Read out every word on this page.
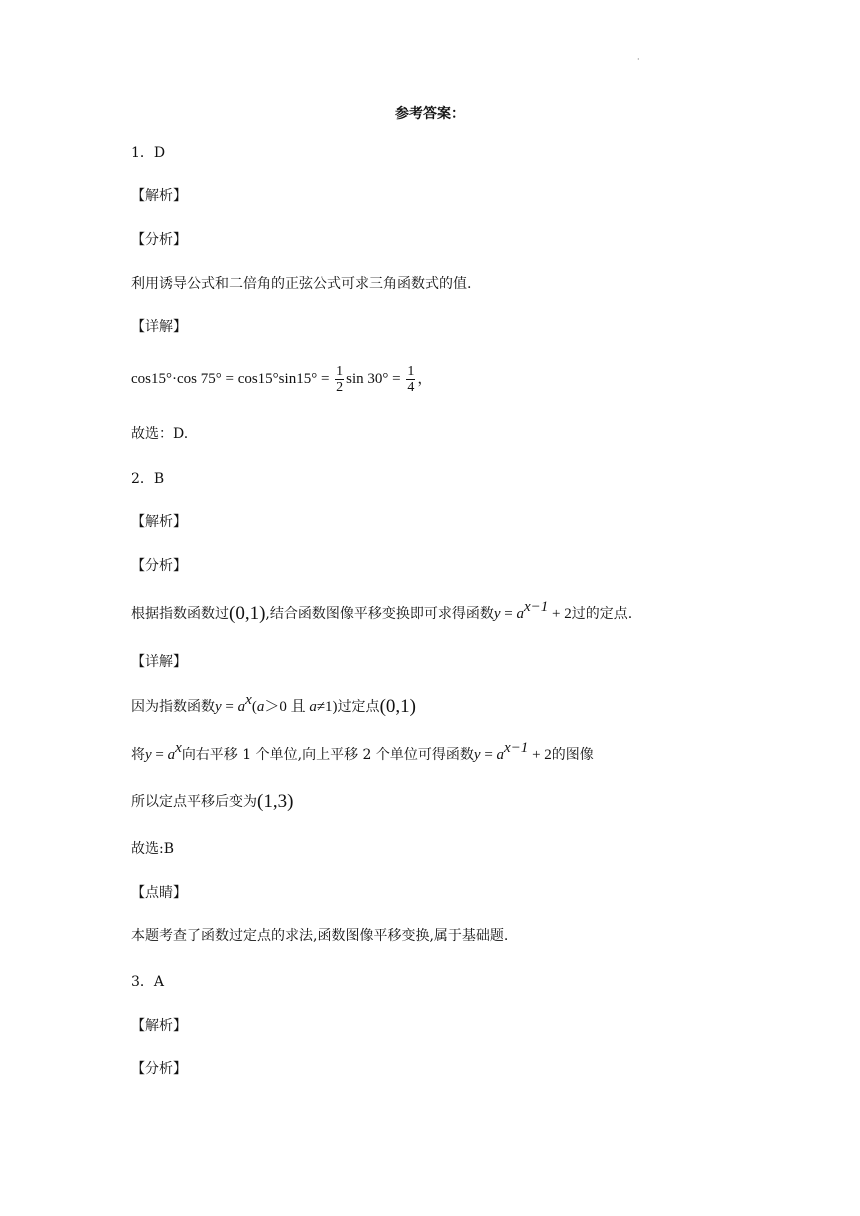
·
参考答案：
1．D
【解析】
【分析】
利用诱导公式和二倍角的正弦公式可求三角函数式的值.
【详解】
cos15°·cos $75^\circ = \cos 15^\circ\sin 15^\circ = \frac{1}{2}$ $\sin 30^\circ = \frac{1}{4}$ ，
故选：D.
2．B
【解析】
【分析】
根据指数函数过(0,1),结合函数图像平移变换即可求得函数$y = a^{x-1} + 2$过的定点.
【详解】
因为指数函数$y = a^x(a>0$ 且 a≠1)过定点(0,1)
将$y = a^x$向右平移 1 个单位,向上平移 2 个单位可得函数$y = a^{x-1} + 2$的图像
所以定点平移后变为(1,3)
故选:B
【点睛】
本题考查了函数过定点的求法,函数图像平移变换,属于基础题.
3．A
【解析】
【分析】
